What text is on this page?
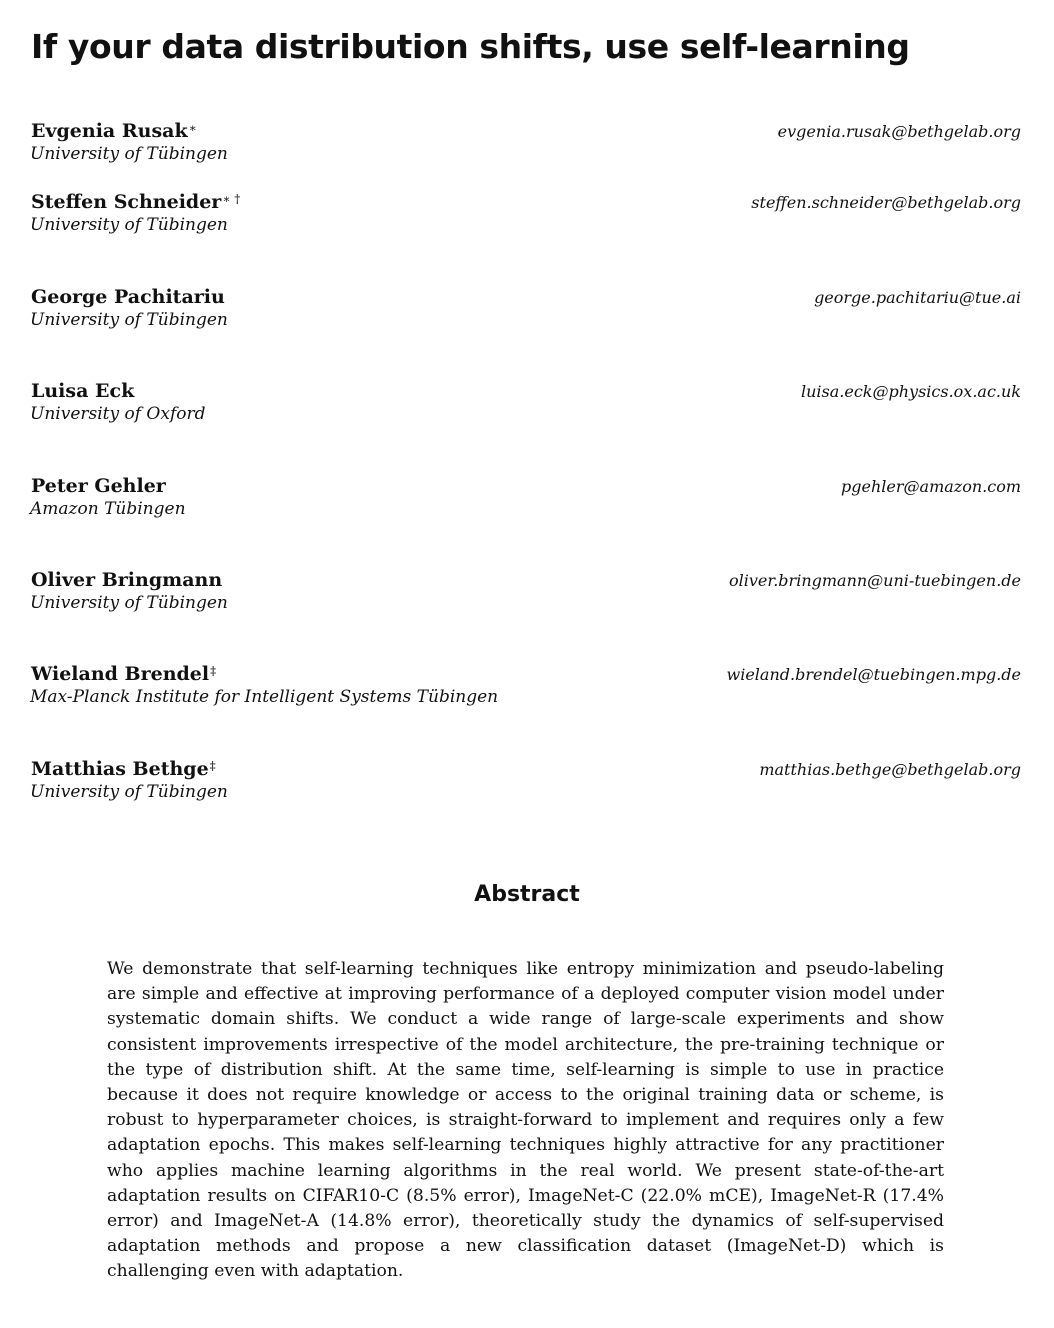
If your data distribution shifts, use self-learning
Evgenia Rusak∗
University of Tübingen
evgenia.rusak@bethgelab.org
Steffen Schneider∗ †
University of Tübingen
steffen.schneider@bethgelab.org
George Pachitariu
University of Tübingen
george.pachitariu@tue.ai
Luisa Eck
University of Oxford
luisa.eck@physics.ox.ac.uk
Peter Gehler
Amazon Tübingen
pgehler@amazon.com
Oliver Bringmann
University of Tübingen
oliver.bringmann@uni-tuebingen.de
Wieland Brendel‡
Max-Planck Institute for Intelligent Systems Tübingen
wieland.brendel@tuebingen.mpg.de
Matthias Bethge‡
University of Tübingen
matthias.bethge@bethgelab.org
Abstract

We demonstrate that self-learning techniques like entropy minimization and pseudo-labeling are simple and effective at improving performance of a deployed computer vision model under systematic domain shifts. We conduct a wide range of large-scale experiments and show consistent improvements irrespective of the model architecture, the pre-training technique or the type of distribution shift. At the same time, self-learning is simple to use in practice because it does not require knowledge or access to the original training data or scheme, is robust to hyperparameter choices, is straight-forward to implement and requires only a few adaptation epochs. This makes self-learning techniques highly attractive for any practitioner who applies machine learning algorithms in the real world. We present state-of-the-art adaptation results on CIFAR10-C (8.5% error), ImageNet-C (22.0% mCE), ImageNet-R (17.4% error) and ImageNet-A (14.8% error), theoretically study the dynamics of self-supervised adaptation methods and propose a new classification dataset (ImageNet-D) which is challenging even with adaptation.
